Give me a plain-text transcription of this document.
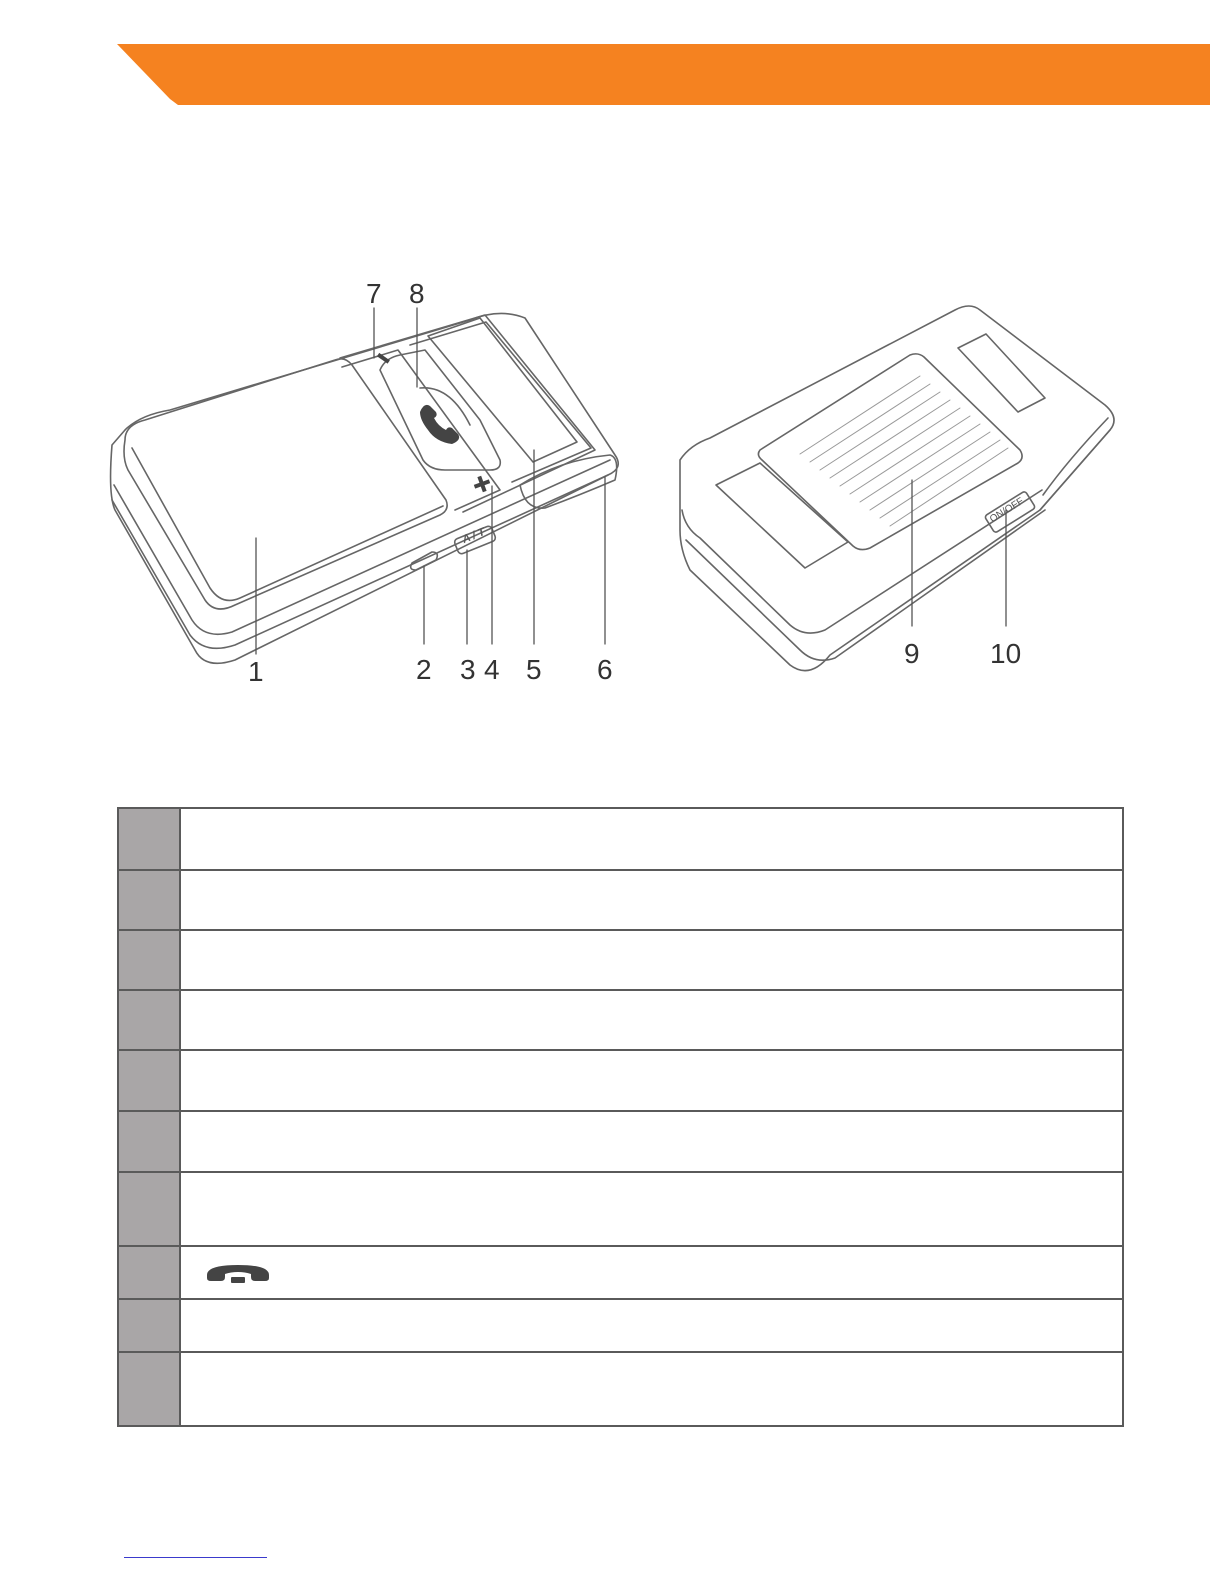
1	2 3 4 5 6
7 8
9	10
A / T
ON/OFF
